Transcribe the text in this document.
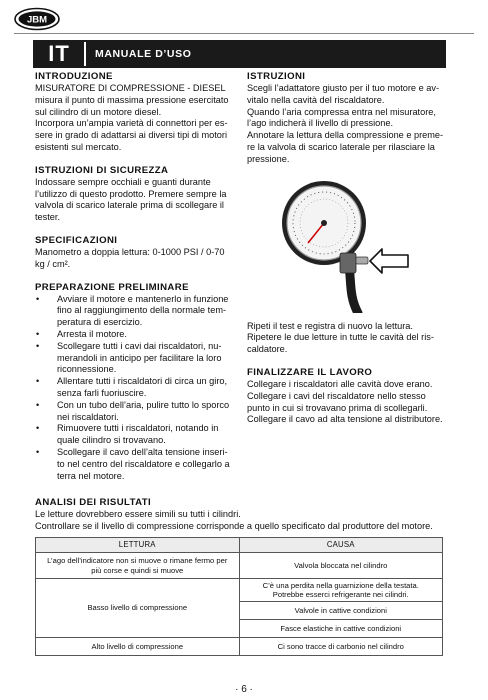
JBM
IT	MANUALE D’USO
INTRODUZIONE

MISURATORE DI COMPRESSIONE - DIESEL

misura il punto di massima pressione esercitato

sul cilindro di un motore diesel.

Incorpora un’ampia varietà di connettori per es-

sere in grado di adattarsi ai diversi tipi di motori

esistenti sul mercato.

ISTRUZIONI DI SICUREZZA

Indossare sempre occhiali e guanti durante

l’utilizzo di questo prodotto. Premere sempre la

valvola di scarico laterale prima di scollegare il

tester.

SPECIFICAZIONI

Manometro a doppia lettura: 0-1000 PSI / 0-70

kg / cm².

PREPARAZIONE PRELIMINARE

• Avviare il motore e mantenerlo in funzione

fino al raggiungimento della normale tem-

peratura di esercizio.

• Arresta il motore.

• Scollegare tutti i cavi dai riscaldatori, nu-

merandoli in anticipo per facilitare la loro

riconnessione.

• Allentare tutti i riscaldatori di circa un giro,

senza farli fuoriuscire.

• Con un tubo dell’aria, pulire tutto lo sporco

nei riscaldatori.

• Rimuovere tutti i riscaldatori, notando in

quale cilindro si trovavano.

• Scollegare il cavo dell’alta tensione inseri-

to nel centro del riscaldatore e collegarlo a

terra nel motore.

ISTRUZIONI

Scegli l’adattatore giusto per il tuo motore e av-

vitalo nella cavità del riscaldatore.

Quando l’aria compressa entra nel misuratore,

l’ago indicherà il livello di pressione.

Annotare la lettura della compressione e preme-

re la valvola di scarico laterale per rilasciare la

pressione.

Ripeti il test e registra di nuovo la lettura.

Ripetere le due letture in tutte le cavità del ris-

caldatore.

FINALIZZARE IL LAVORO

Collegare i riscaldatori alle cavità dove erano.

Collegare i cavi del riscaldatore nello stesso

punto in cui si trovavano prima di scollegarli.

Collegare il cavo ad alta tensione al distributore.

ANALISI DEI RISULTATI

Le letture dovrebbero essere simili su tutti i cilindri.

Controllare se il livello di compressione corrisponde a quello specificato dal produttore del motore.

LETTURA	CAUSA

L’ago dell’indicatore non si muove o rimane fermo per
più corse e quindi si muove	Valvola bloccata nel cilindro
Basso livello di compressione	C’è una perdita nella guarnizione della testata.
Potrebbe esserci refrigerante nei cilindri.

	Valvole in cattive condizioni
	Fasce elastiche in cattive condizioni
Alto livello di compressione	Ci sono tracce di carbonio nel cilindro
· 6 ·
